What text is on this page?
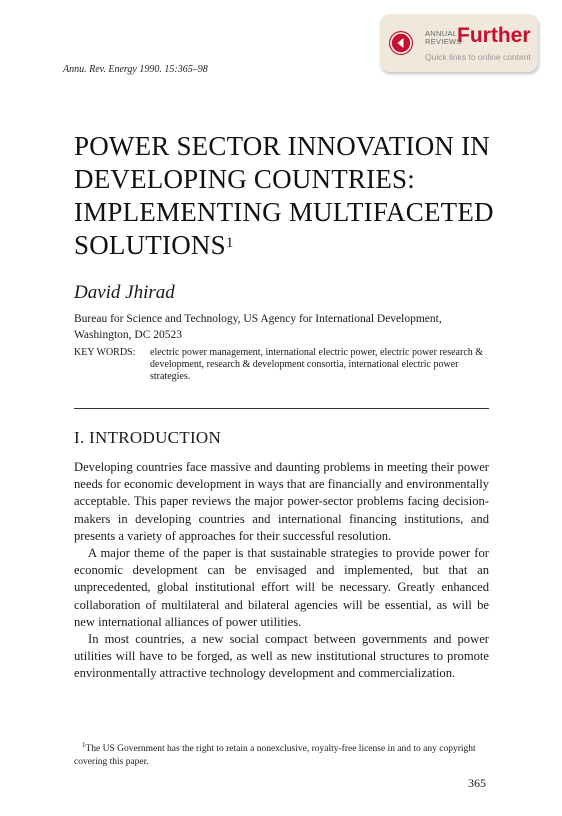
ANNUAL
REVIEWS
Further
Quick links to online content
Annu. Rev. Energy 1990. 15:365–98
POWER SECTOR INNOVATION IN DEVELOPING COUNTRIES: IMPLEMENTING MULTIFACETED SOLUTIONS$^1$
David Jhirad
Bureau for Science and Technology, US Agency for International Development, Washington, DC 20523
KEY WORDS: electric power management, international electric power, electric power research & development, research & development consortia, international electric power strategies.
I. INTRODUCTION

Developing countries face massive and daunting problems in meeting their power needs for economic development in ways that are financially and environmentally acceptable. This paper reviews the major power-sector problems facing decision-makers in developing countries and international financing institutions, and presents a variety of approaches for their successful resolution.

A major theme of the paper is that sustainable strategies to provide power for economic development can be envisaged and implemented, but that an unprecedented, global institutional effort will be necessary. Greatly enhanced collaboration of multilateral and bilateral agencies will be essential, as will be new international alliances of power utilities.

In most countries, a new social compact between governments and power utilities will have to be forged, as well as new institutional structures to promote environmentally attractive technology development and commercialization.

$^1$The US Government has the right to retain a nonexclusive, royalty-free license in and to any copyright covering this paper.

365
